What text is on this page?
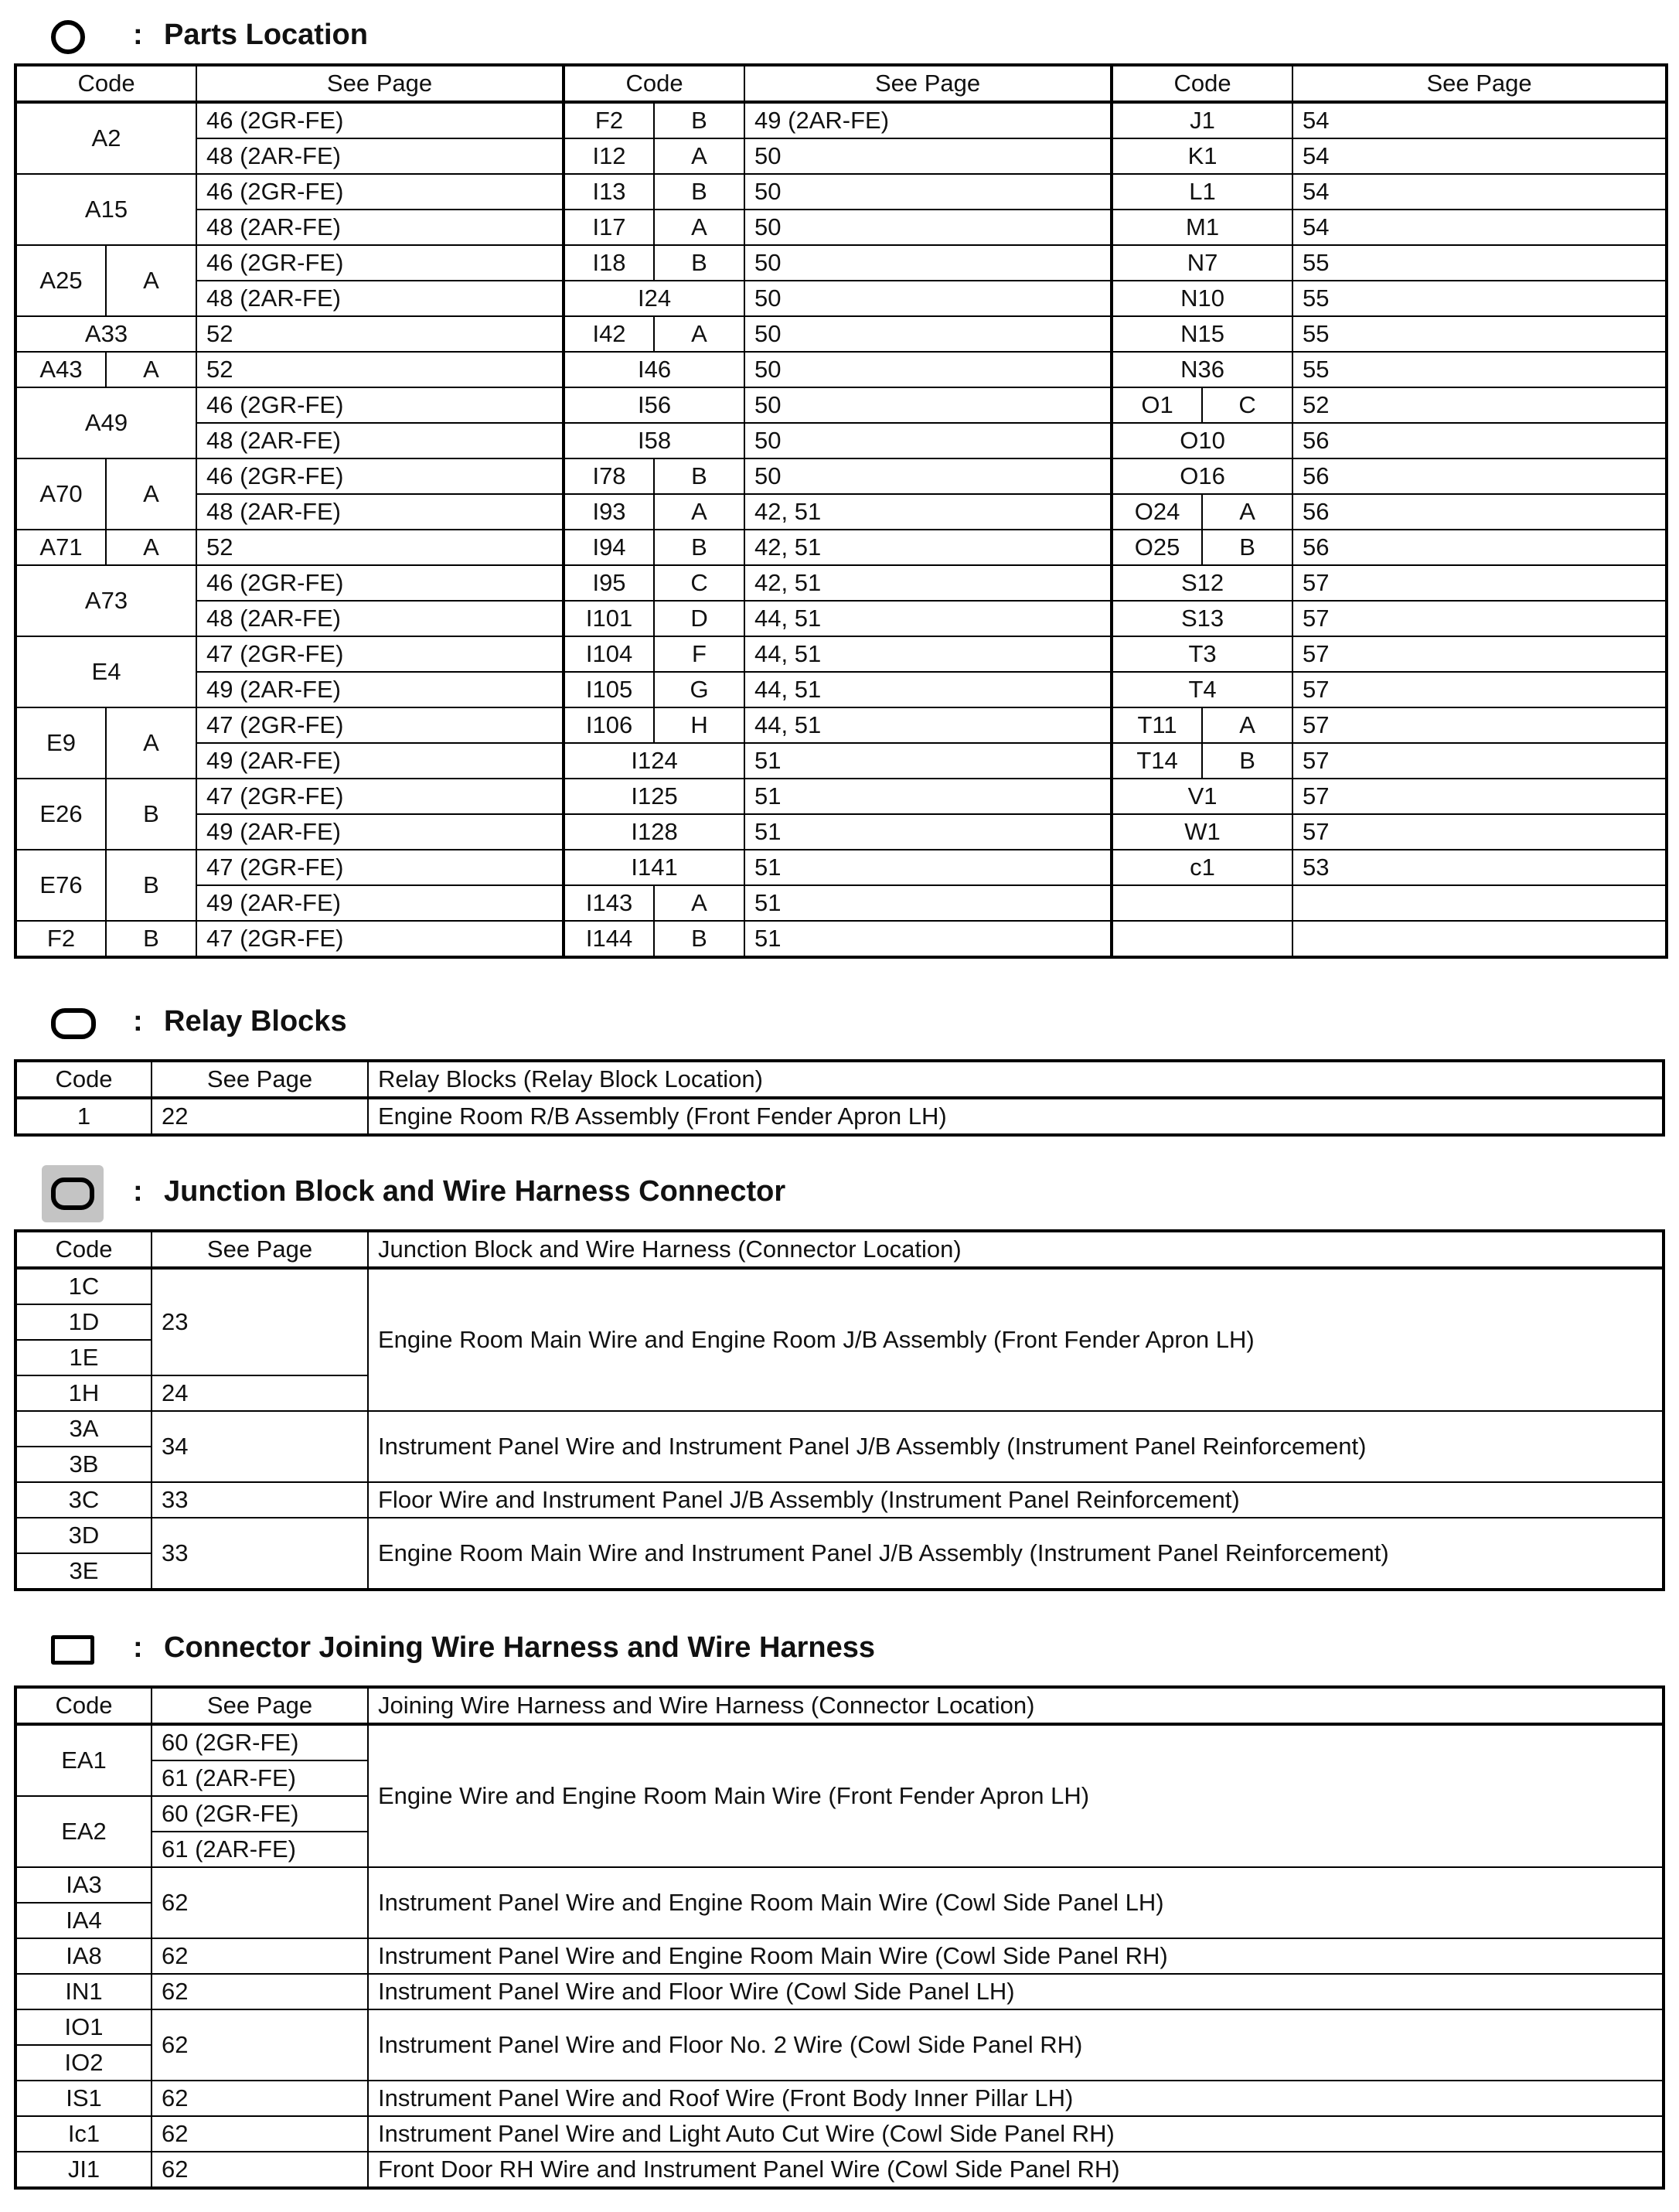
: Parts Location
Code		See Page	Code		See Page	Code		See Page
A2		46 (2GR-FE)	F2	B	49 (2AR-FE)	J1		54
		48 (2AR-FE)	I12	A	50	K1		54
A15		46 (2GR-FE)	I13	B	50	L1		54
		48 (2AR-FE)	I17	A	50	M1		54
A25	A	46 (2GR-FE)	I18	B	50	N7		55
		48 (2AR-FE)	I24		50	N10		55
A33		52	I42	A	50	N15		55
A43	A	52	I46		50	N36		55
A49		46 (2GR-FE)	I56		50	O1	C	52
		48 (2AR-FE)	I58		50	O10		56
A70	A	46 (2GR-FE)	I78	B	50	O16		56
		48 (2AR-FE)	I93	A	42, 51	O24	A	56
A71	A	52	I94	B	42, 51	O25	B	56
A73		46 (2GR-FE)	I95	C	42, 51	S12		57
		48 (2AR-FE)	I101	D	44, 51	S13		57
E4		47 (2GR-FE)	I104	F	44, 51	T3		57
		49 (2AR-FE)	I105	G	44, 51	T4		57
E9	A	47 (2GR-FE)	I106	H	44, 51	T11	A	57
		49 (2AR-FE)	I124		51	T14	B	57
E26	B	47 (2GR-FE)	I125		51	V1		57
		49 (2AR-FE)	I128		51	W1		57
E76	B	47 (2GR-FE)	I141		51	c1		53
		49 (2AR-FE)	I143	A	51			
F2	B	47 (2GR-FE)	I144	B	51			
: Relay Blocks
Code	See Page	Relay Blocks (Relay Block Location)
1	22	Engine Room R/B Assembly (Front Fender Apron LH)
: Junction Block and Wire Harness Connector
Code	See Page	Junction Block and Wire Harness (Connector Location)
1C	23	Engine Room Main Wire and Engine Room J/B Assembly (Front Fender Apron LH)
1D		
1E		
1H	24	
3A	34	Instrument Panel Wire and Instrument Panel J/B Assembly (Instrument Panel Reinforcement)
3B		
3C	33	Floor Wire and Instrument Panel J/B Assembly (Instrument Panel Reinforcement)
3D	33	Engine Room Main Wire and Instrument Panel J/B Assembly (Instrument Panel Reinforcement)
3E		
: Connector Joining Wire Harness and Wire Harness
Code	See Page	Joining Wire Harness and Wire Harness (Connector Location)
EA1	60 (2GR-FE)	Engine Wire and Engine Room Main Wire (Front Fender Apron LH)
	61 (2AR-FE)	
EA2	60 (2GR-FE)	
	61 (2AR-FE)	
IA3	62	Instrument Panel Wire and Engine Room Main Wire (Cowl Side Panel LH)
IA4		
IA8	62	Instrument Panel Wire and Engine Room Main Wire (Cowl Side Panel RH)
IN1	62	Instrument Panel Wire and Floor Wire (Cowl Side Panel LH)
IO1	62	Instrument Panel Wire and Floor No. 2 Wire (Cowl Side Panel RH)
IO2		
IS1	62	Instrument Panel Wire and Roof Wire (Front Body Inner Pillar LH)
Ic1	62	Instrument Panel Wire and Light Auto Cut Wire (Cowl Side Panel RH)
JI1	62	Front Door RH Wire and Instrument Panel Wire (Cowl Side Panel RH)
